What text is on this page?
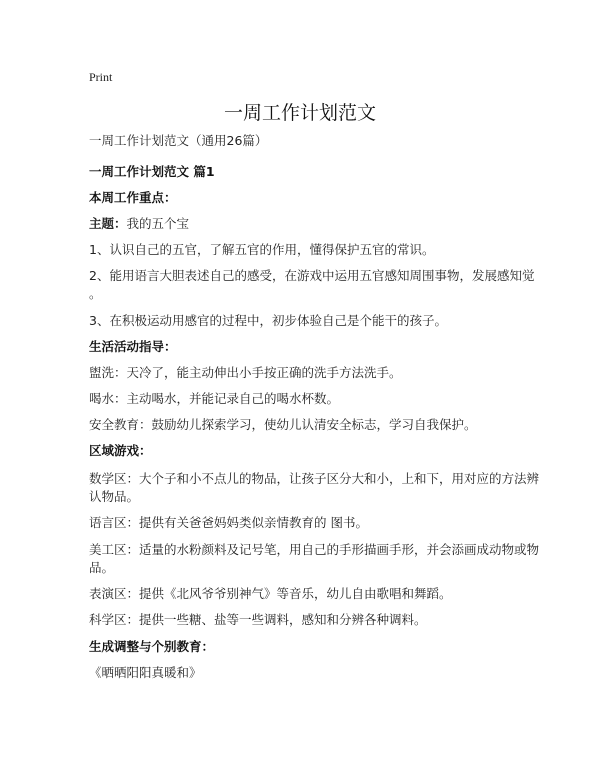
Print
一周工作计划范文
一周工作计划范文（通用26篇）
一周工作计划范文 篇1
本周工作重点：
主题：我的五个宝
1、认识自己的五官，了解五官的作用，懂得保护五官的常识。
2、能用语言大胆表述自己的感受，在游戏中运用五官感知周围事物，发展感知觉
。
3、在积极运动用感官的过程中，初步体验自己是个能干的孩子。
生活活动指导：
盥洗：天冷了，能主动伸出小手按正确的洗手方法洗手。
喝水：主动喝水，并能记录自己的喝水杯数。
安全教育：鼓励幼儿探索学习，使幼儿认清安全标志，学习自我保护。
区域游戏：
数学区：大个子和小不点儿的物品，让孩子区分大和小，上和下，用对应的方法辨
认物品。
语言区：提供有关爸爸妈妈类似亲情教育的 图书。
美工区：适量的水粉颜料及记号笔，用自己的手形描画手形，并会添画成动物或物
品。
表演区：提供《北风爷爷别神气》等音乐，幼儿自由歌唱和舞蹈。
科学区：提供一些糖、盐等一些调料，感知和分辨各种调料。
生成调整与个别教育：
《晒晒阳阳真暖和》
